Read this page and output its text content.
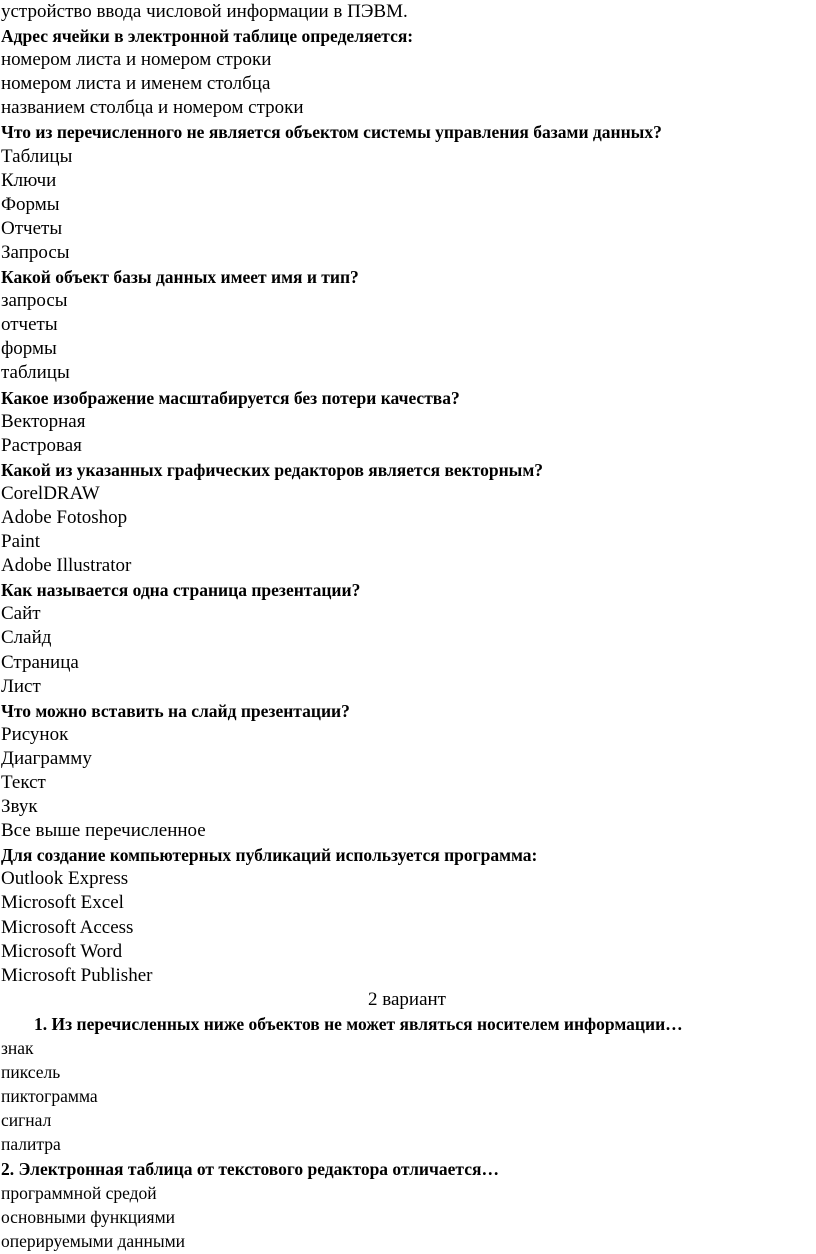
устройство ввода числовой информации в ПЭВМ.
Адрес ячейки в электронной таблице определяется:
номером листа и номером строки
номером листа и именем столбца
названием столбца и номером строки
Что из перечисленного не является объектом системы управления базами данных?
Таблицы
Ключи
Формы
Отчеты
Запросы
Какой объект базы данных имеет имя и тип?
запросы
отчеты
формы
таблицы
Какое изображение масштабируется без потери качества?
Векторная
Растровая
Какой из указанных графических редакторов является векторным?
CorelDRAW
Adobe Fotoshop
Paint
Adobe Illustrator
Как называется одна страница презентации?
Сайт
Слайд
Страница
Лист
Что можно вставить на слайд презентации?
Рисунок
Диаграмму
Текст
Звук
Все выше перечисленное
Для создание компьютерных публикаций используется программа:
Outlook Express
Microsoft Excel
Microsoft Access
Microsoft Word
Microsoft Publisher
2 вариант
1. Из перечисленных ниже объектов не может являться носителем информации…
знак
пиксель
пиктограмма
сигнал
палитра
2. Электронная таблица от текстового редактора отличается…
программной средой
основными функциями
оперируемыми данными
